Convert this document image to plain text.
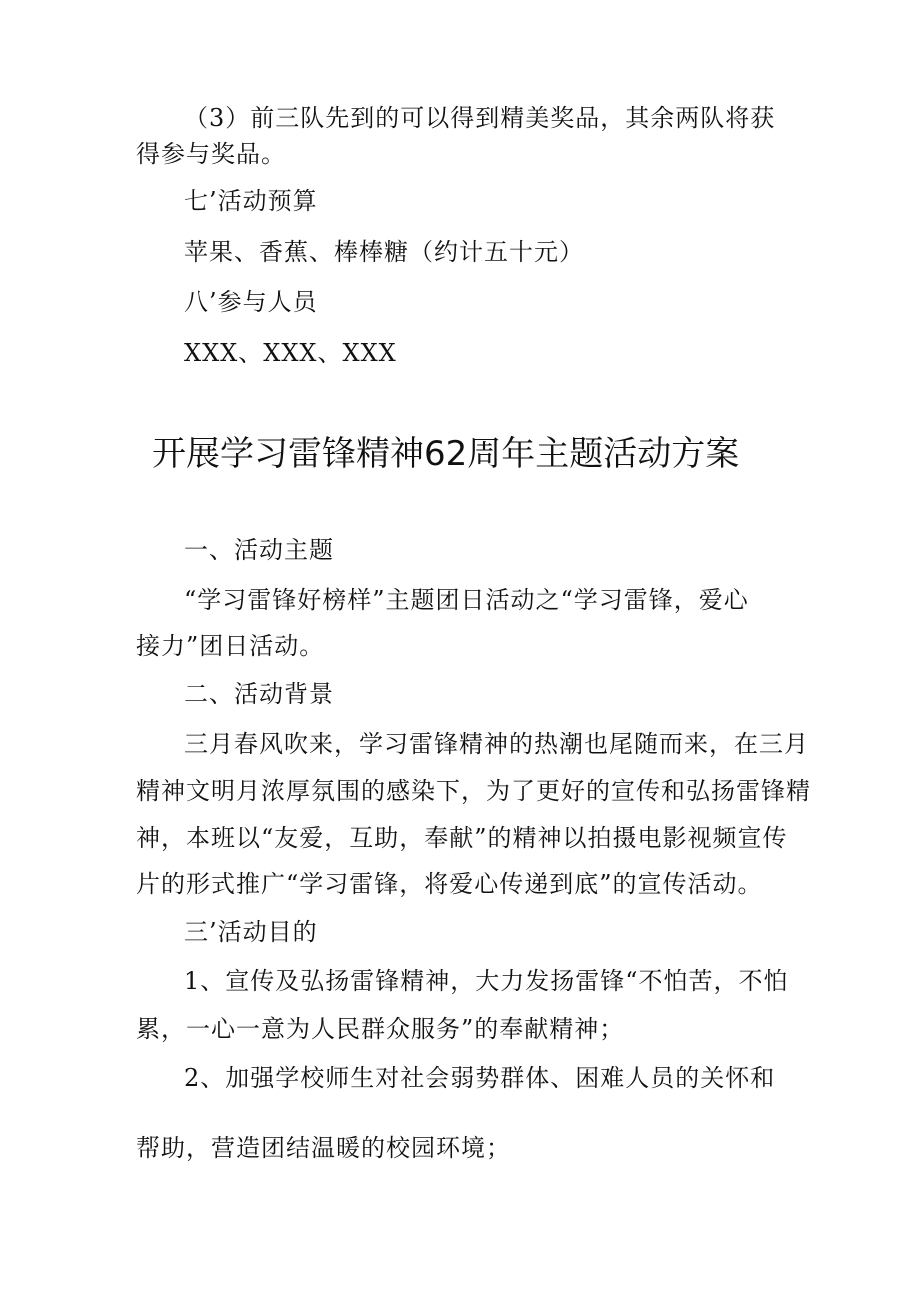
（3）前三队先到的可以得到精美奖品，其余两队将获
得参与奖品。
七’活动预算
苹果、香蕉、棒棒糖（约计五十元）
八’参与人员
XXX、XXX、XXX
开展学习雷锋精神62周年主题活动方案
一、活动主题
“学习雷锋好榜样”主题团日活动之“学习雷锋，爱心
接力”团日活动。
二、活动背景
三月春风吹来，学习雷锋精神的热潮也尾随而来，在三月
精神文明月浓厚氛围的感染下，为了更好的宣传和弘扬雷锋精
神，本班以“友爱，互助，奉献”的精神以拍摄电影视频宣传
片的形式推广“学习雷锋，将爱心传递到底”的宣传活动。
三’活动目的
1、宣传及弘扬雷锋精神，大力发扬雷锋“不怕苦，不怕
累，一心一意为人民群众服务”的奉献精神；
2、加强学校师生对社会弱势群体、困难人员的关怀和
帮助，营造团结温暖的校园环境；
